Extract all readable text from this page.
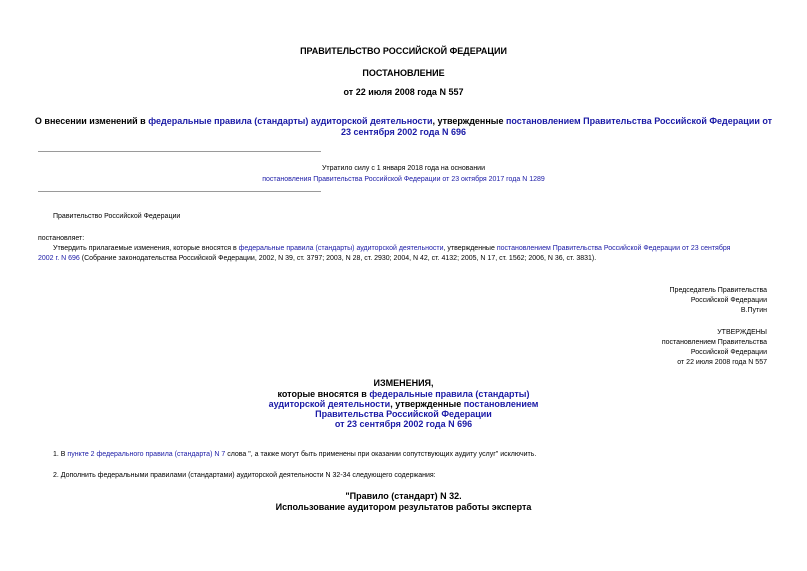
ПРАВИТЕЛЬСТВО РОССИЙСКОЙ ФЕДЕРАЦИИ
ПОСТАНОВЛЕНИЕ
от 22 июля 2008 года N 557
О внесении изменений в федеральные правила (стандарты) аудиторской деятельности, утвержденные постановлением Правительства Российской Федерации от
23 сентября 2002 года N 696
Утратило силу с 1 января 2018 года на основании
постановления Правительства Российской Федерации от 23 октября 2017 года N 1289
Правительство Российской Федерации
постановляет:
Утвердить прилагаемые изменения, которые вносятся в федеральные правила (стандарты) аудиторской деятельности, утвержденные постановлением Правительства Российской Федерации от 23 сентября
2002 г. N 696 (Собрание законодательства Российской Федерации, 2002, N 39, ст. 3797; 2003, N 28, ст. 2930; 2004, N 42, ст. 4132; 2005, N 17, ст. 1562; 2006, N 36, ст. 3831).
Председатель Правительства
Российской Федерации
В.Путин
УТВЕРЖДЕНЫ
постановлением Правительства
Российской Федерации
от 22 июля 2008 года N 557
ИЗМЕНЕНИЯ,
которые вносятся в федеральные правила (стандарты)
аудиторской деятельности, утвержденные постановлением
Правительства Российской Федерации
от 23 сентября 2002 года N 696
1. В пункте 2 федерального правила (стандарта) N 7 слова ", а также могут быть применены при оказании сопутствующих аудиту услуг" исключить.
2. Дополнить федеральными правилами (стандартами) аудиторской деятельности N 32-34 следующего содержания:
"Правило (стандарт) N 32.
Использование аудитором результатов работы эксперта
